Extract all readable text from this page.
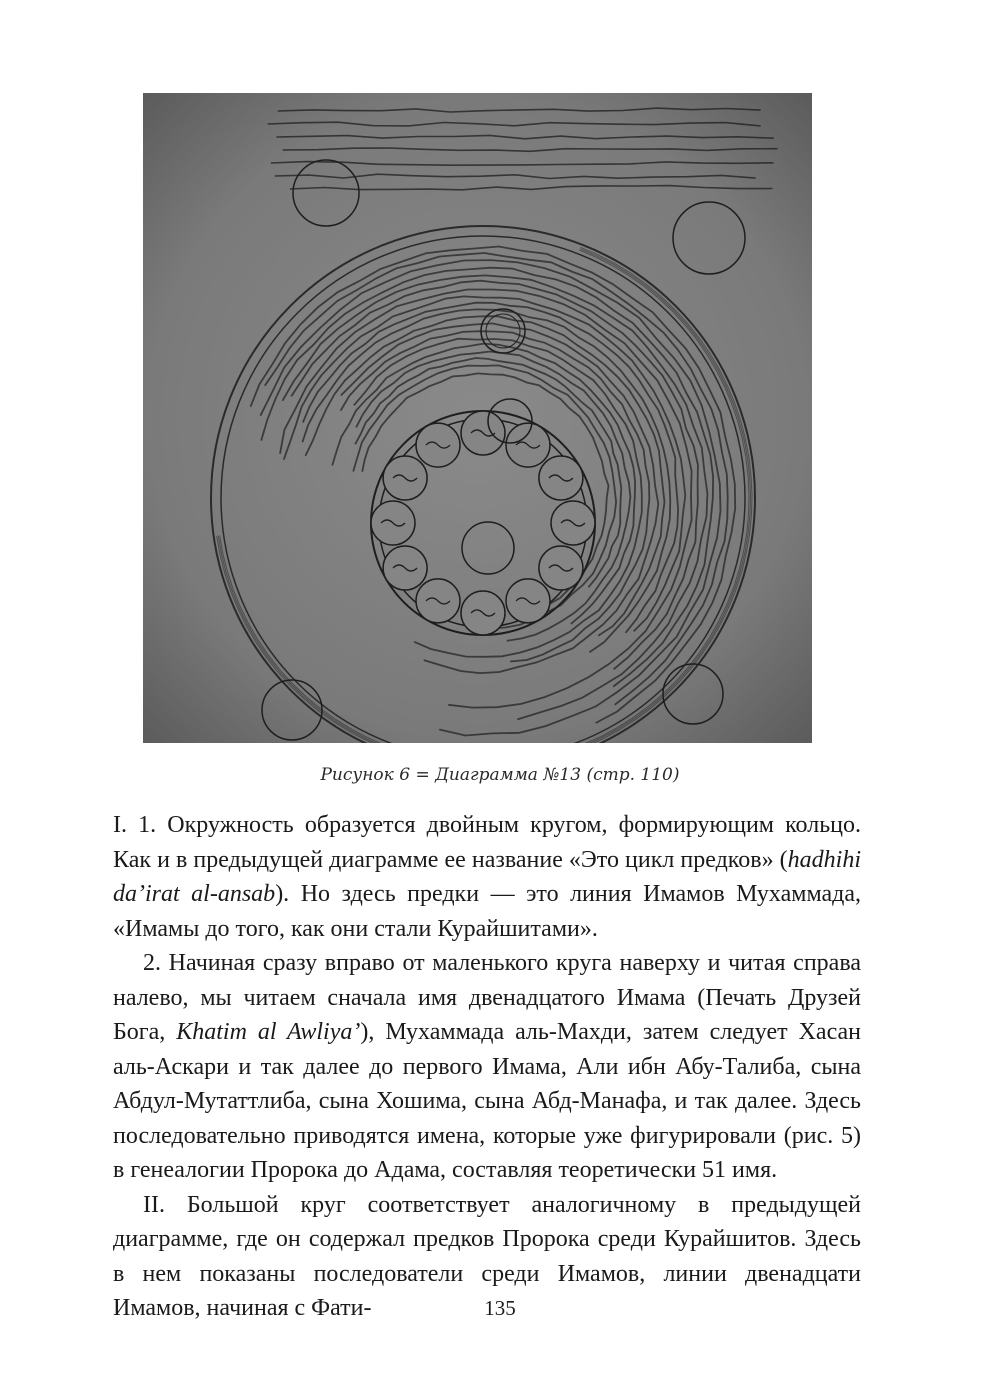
Рисунок 6 = Диаграмма №13 (стр. 110)

I. 1. Окружность образуется двойным кругом, формирующим кольцо. Как и в предыдущей диаграмме ее название «Это цикл предков» (hadhihi da’irat al-ansab). Но здесь предки — это линия Имамов Мухаммада, «Имамы до того, как они стали Курайшитами».

2. Начиная сразу вправо от маленького круга наверху и читая справа налево, мы читаем сначала имя двенадцатого Имама (Печать Друзей Бога, Khatim al Awliya’), Мухаммада аль-Махди, затем следует Хасан аль-Аскари и так далее до первого Имама, Али ибн Абу-Талиба, сына Абдул-Мутаттлиба, сына Хошима, сына Абд-Манафа, и так далее. Здесь последовательно приводятся имена, которые уже фигурировали (рис. 5) в генеалогии Пророка до Адама, составляя теоретически 51 имя.

II. Большой круг соответствует аналогичному в предыдущей диаграмме, где он содержал предков Пророка среди Курайшитов. Здесь в нем показаны последователи среди Имамов, линии двенадцати Имамов, начиная с Фати-	135
